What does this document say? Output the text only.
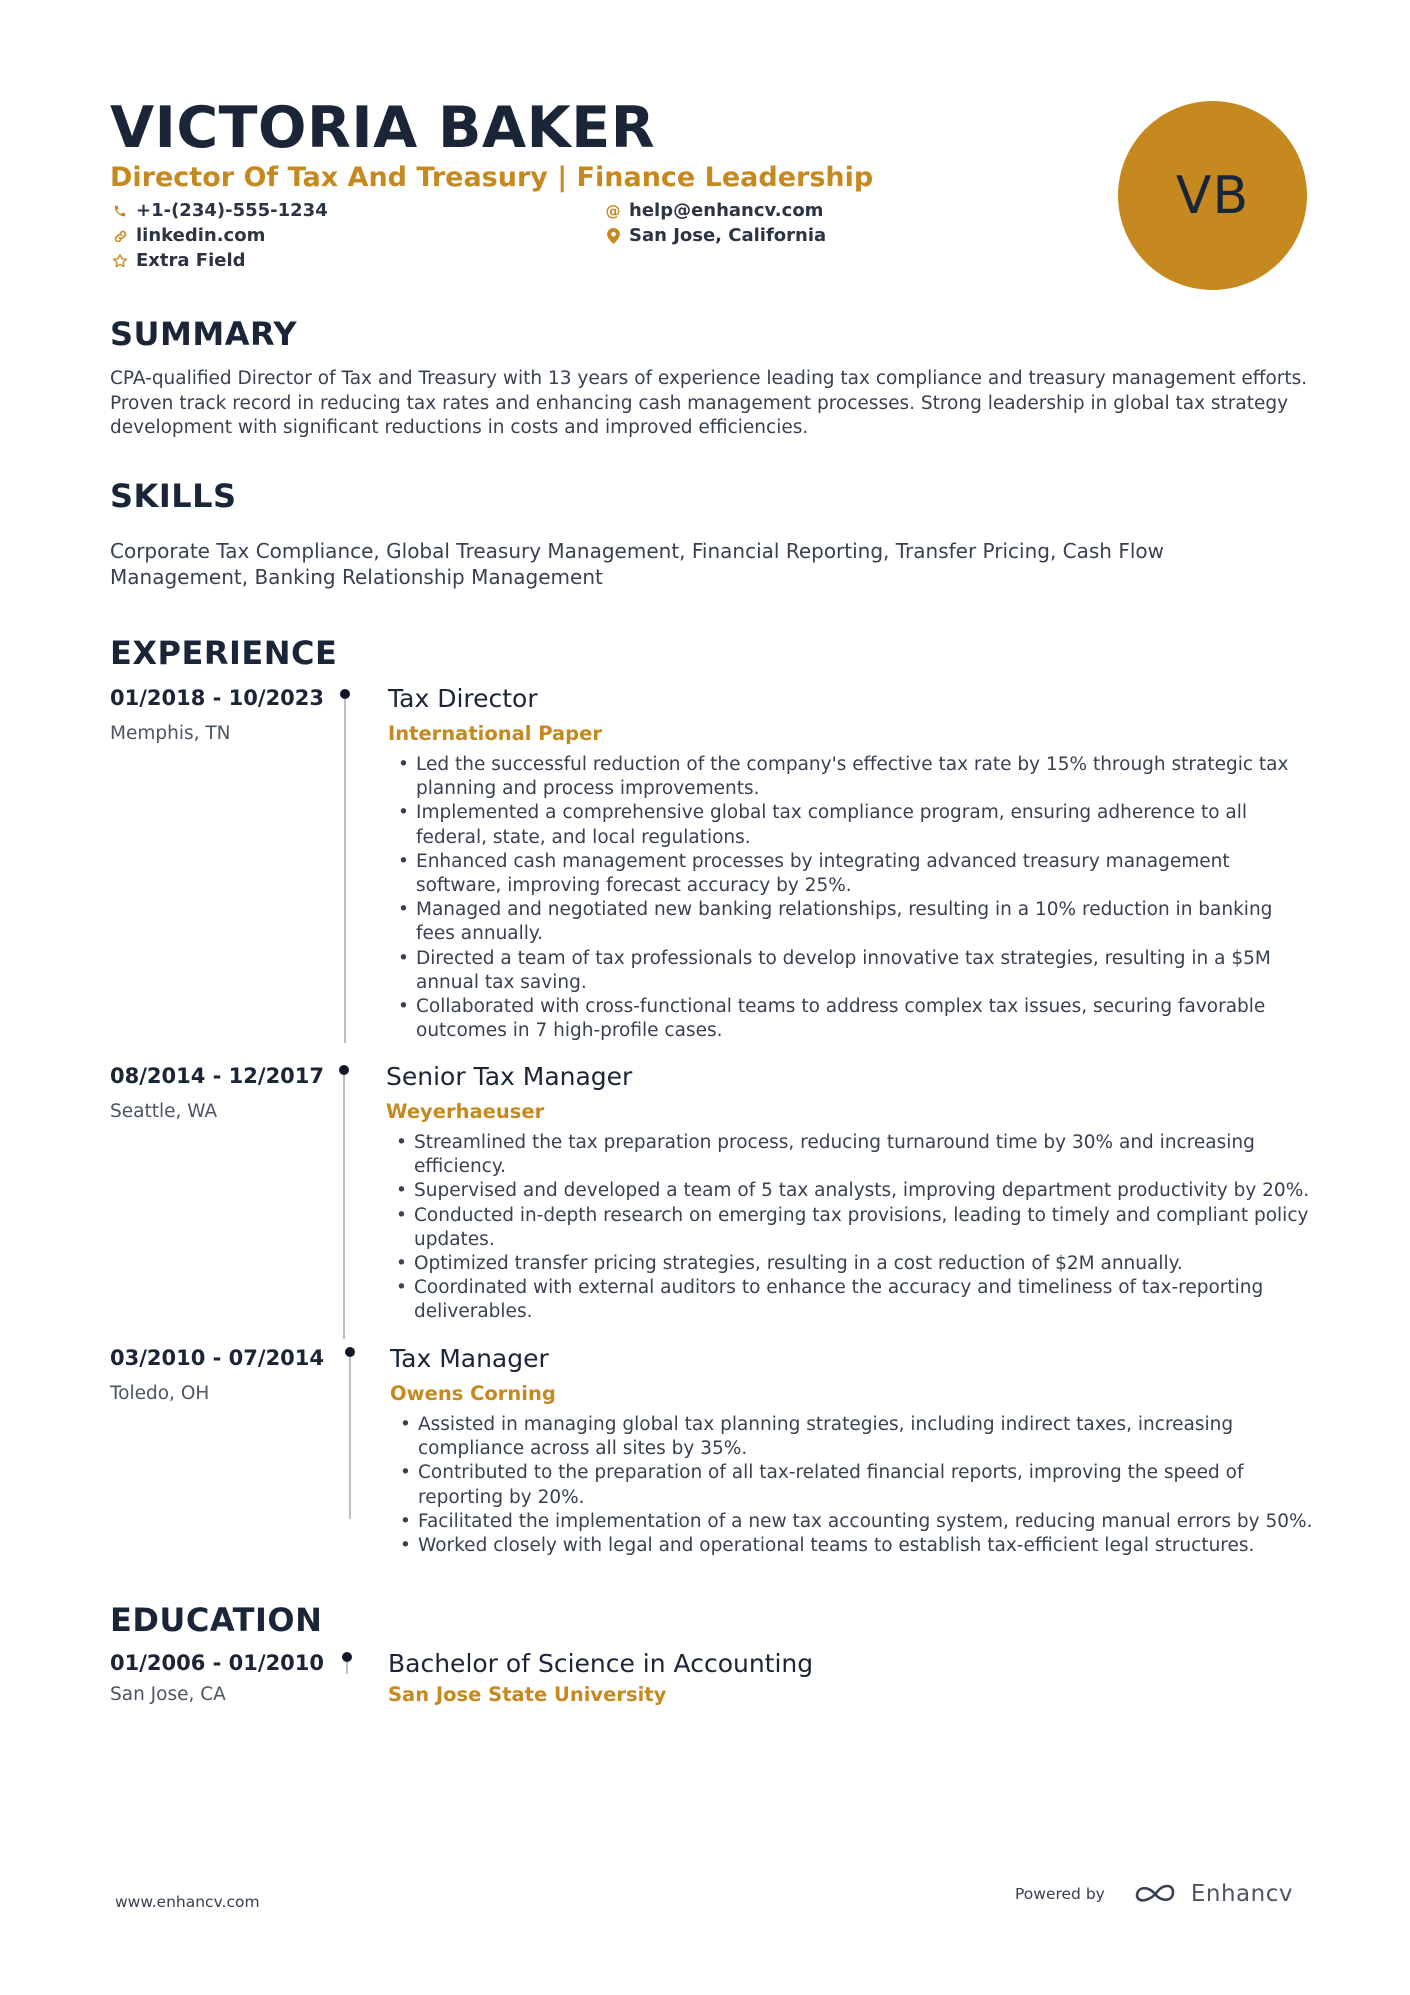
VICTORIA BAKER
Director Of Tax And Treasury | Finance Leadership
+1-(234)-555-1234	@ help@enhancv.com
linkedin.com	San Jose, California
Extra Field
VB
SUMMARY

CPA-qualified Director of Tax and Treasury with 13 years of experience leading tax compliance and treasury management efforts. Proven track record in reducing tax rates and enhancing cash management processes. Strong leadership in global tax strategy development with significant reductions in costs and improved efficiencies.

SKILLS

Corporate Tax Compliance, Global Treasury Management, Financial Reporting, Transfer Pricing, Cash Flow Management, Banking Relationship Management

EXPERIENCE
01/2018 - 10/2023
Memphis, TN
Tax Director
International Paper
• Led the successful reduction of the company's effective tax rate by 15% through strategic tax planning and process improvements.
• Implemented a comprehensive global tax compliance program, ensuring adherence to all federal, state, and local regulations.
• Enhanced cash management processes by integrating advanced treasury management software, improving forecast accuracy by 25%.
• Managed and negotiated new banking relationships, resulting in a 10% reduction in banking fees annually.
• Directed a team of tax professionals to develop innovative tax strategies, resulting in a $5M annual tax saving.
• Collaborated with cross-functional teams to address complex tax issues, securing favorable outcomes in 7 high-profile cases.
08/2014 - 12/2017
Seattle, WA
Senior Tax Manager
Weyerhaeuser
• Streamlined the tax preparation process, reducing turnaround time by 30% and increasing efficiency.
• Supervised and developed a team of 5 tax analysts, improving department productivity by 20%.
• Conducted in-depth research on emerging tax provisions, leading to timely and compliant policy updates.
• Optimized transfer pricing strategies, resulting in a cost reduction of $2M annually.
• Coordinated with external auditors to enhance the accuracy and timeliness of tax-reporting deliverables.
03/2010 - 07/2014
Toledo, OH
Tax Manager
Owens Corning
• Assisted in managing global tax planning strategies, including indirect taxes, increasing compliance across all sites by 35%.
• Contributed to the preparation of all tax-related financial reports, improving the speed of reporting by 20%.
• Facilitated the implementation of a new tax accounting system, reducing manual errors by 50%.
• Worked closely with legal and operational teams to establish tax-efficient legal structures.
EDUCATION
01/2006 - 01/2010
San Jose, CA
Bachelor of Science in Accounting
San Jose State University
www.enhancv.com	Powered by	Enhancv
